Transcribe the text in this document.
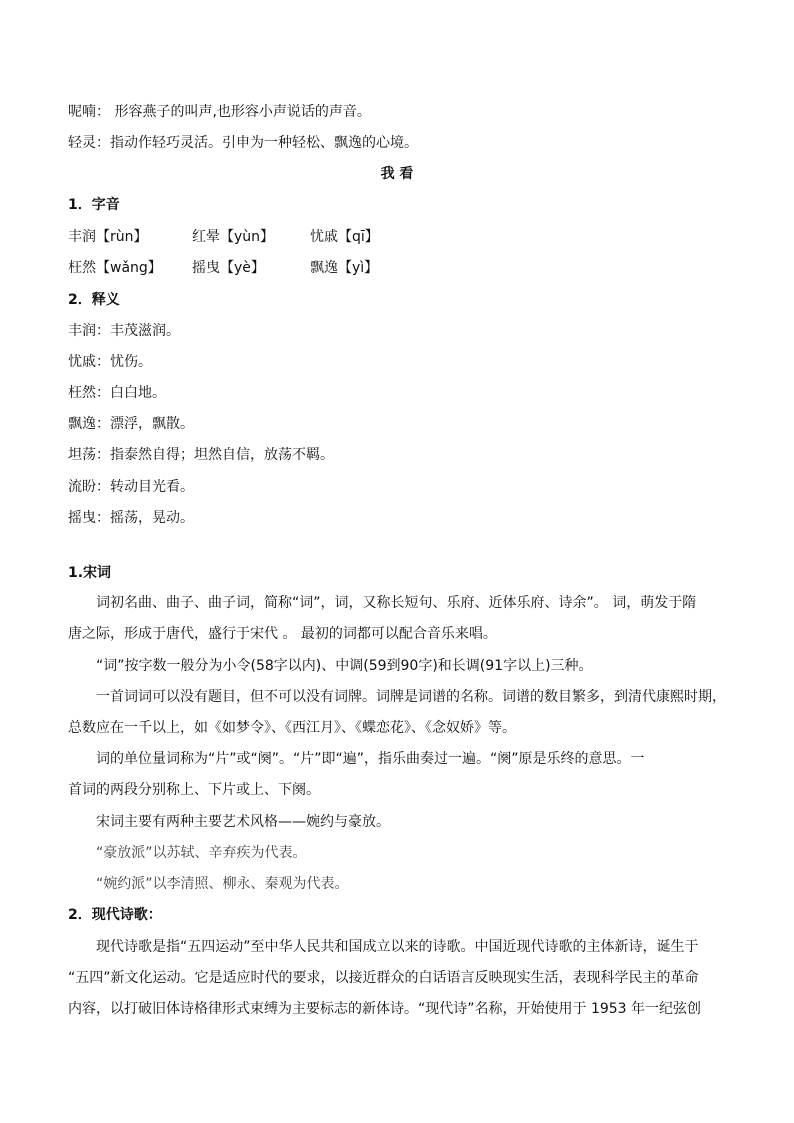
呢喃： 形容燕子的叫声,也形容小声说话的声音。
轻灵：指动作轻巧灵活。引申为一种轻松、飘逸的心境。
我 看
1．字音
丰润【rùn】	红晕【yùn】	忧戚【qī】
枉然【wǎng】 摇曳【yè】	飘逸【yì】
2．释义
丰润：丰茂滋润。
忧戚：忧伤。
枉然：白白地。
飘逸：漂浮，飘散。
坦荡：指泰然自得；坦然自信，放荡不羁。
流盼：转动目光看。
摇曳：摇荡，晃动。
1.宋词
词初名曲、曲子、曲子词，简称“词”，词，又称长短句、乐府、近体乐府、诗余”。 词，萌发于隋
唐之际，形成于唐代，盛行于宋代 。 最初的词都可以配合音乐来唱。
“词”按字数一般分为小令(58字以内)、中调(59到90字)和长调(91字以上)三种。
一首词词可以没有题目，但不可以没有词牌。词牌是词谱的名称。词谱的数目繁多，到清代康熙时期，
总数应在一千以上，如《如梦令》、《西江月》、《蝶恋花》、《念奴娇》等。
词的单位量词称为“片”或“阕”。“片”即“遍”，指乐曲奏过一遍。“阕”原是乐终的意思。一
首词的两段分别称上、下片或上、下阕。
宋词主要有两种主要艺术风格——婉约与豪放。
“豪放派”以苏轼、辛弃疾为代表。
“婉约派”以李清照、柳永、秦观为代表。
2．现代诗歌：
现代诗歌是指“五四运动”至中华人民共和国成立以来的诗歌。中国近现代诗歌的主体新诗，诞生于
“五四”新文化运动。它是适应时代的要求，以接近群众的白话语言反映现实生活，表现科学民主的革命
内容，以打破旧体诗格律形式束缚为主要标志的新体诗。“现代诗”名称，开始使用于 1953 年一纪弦创
